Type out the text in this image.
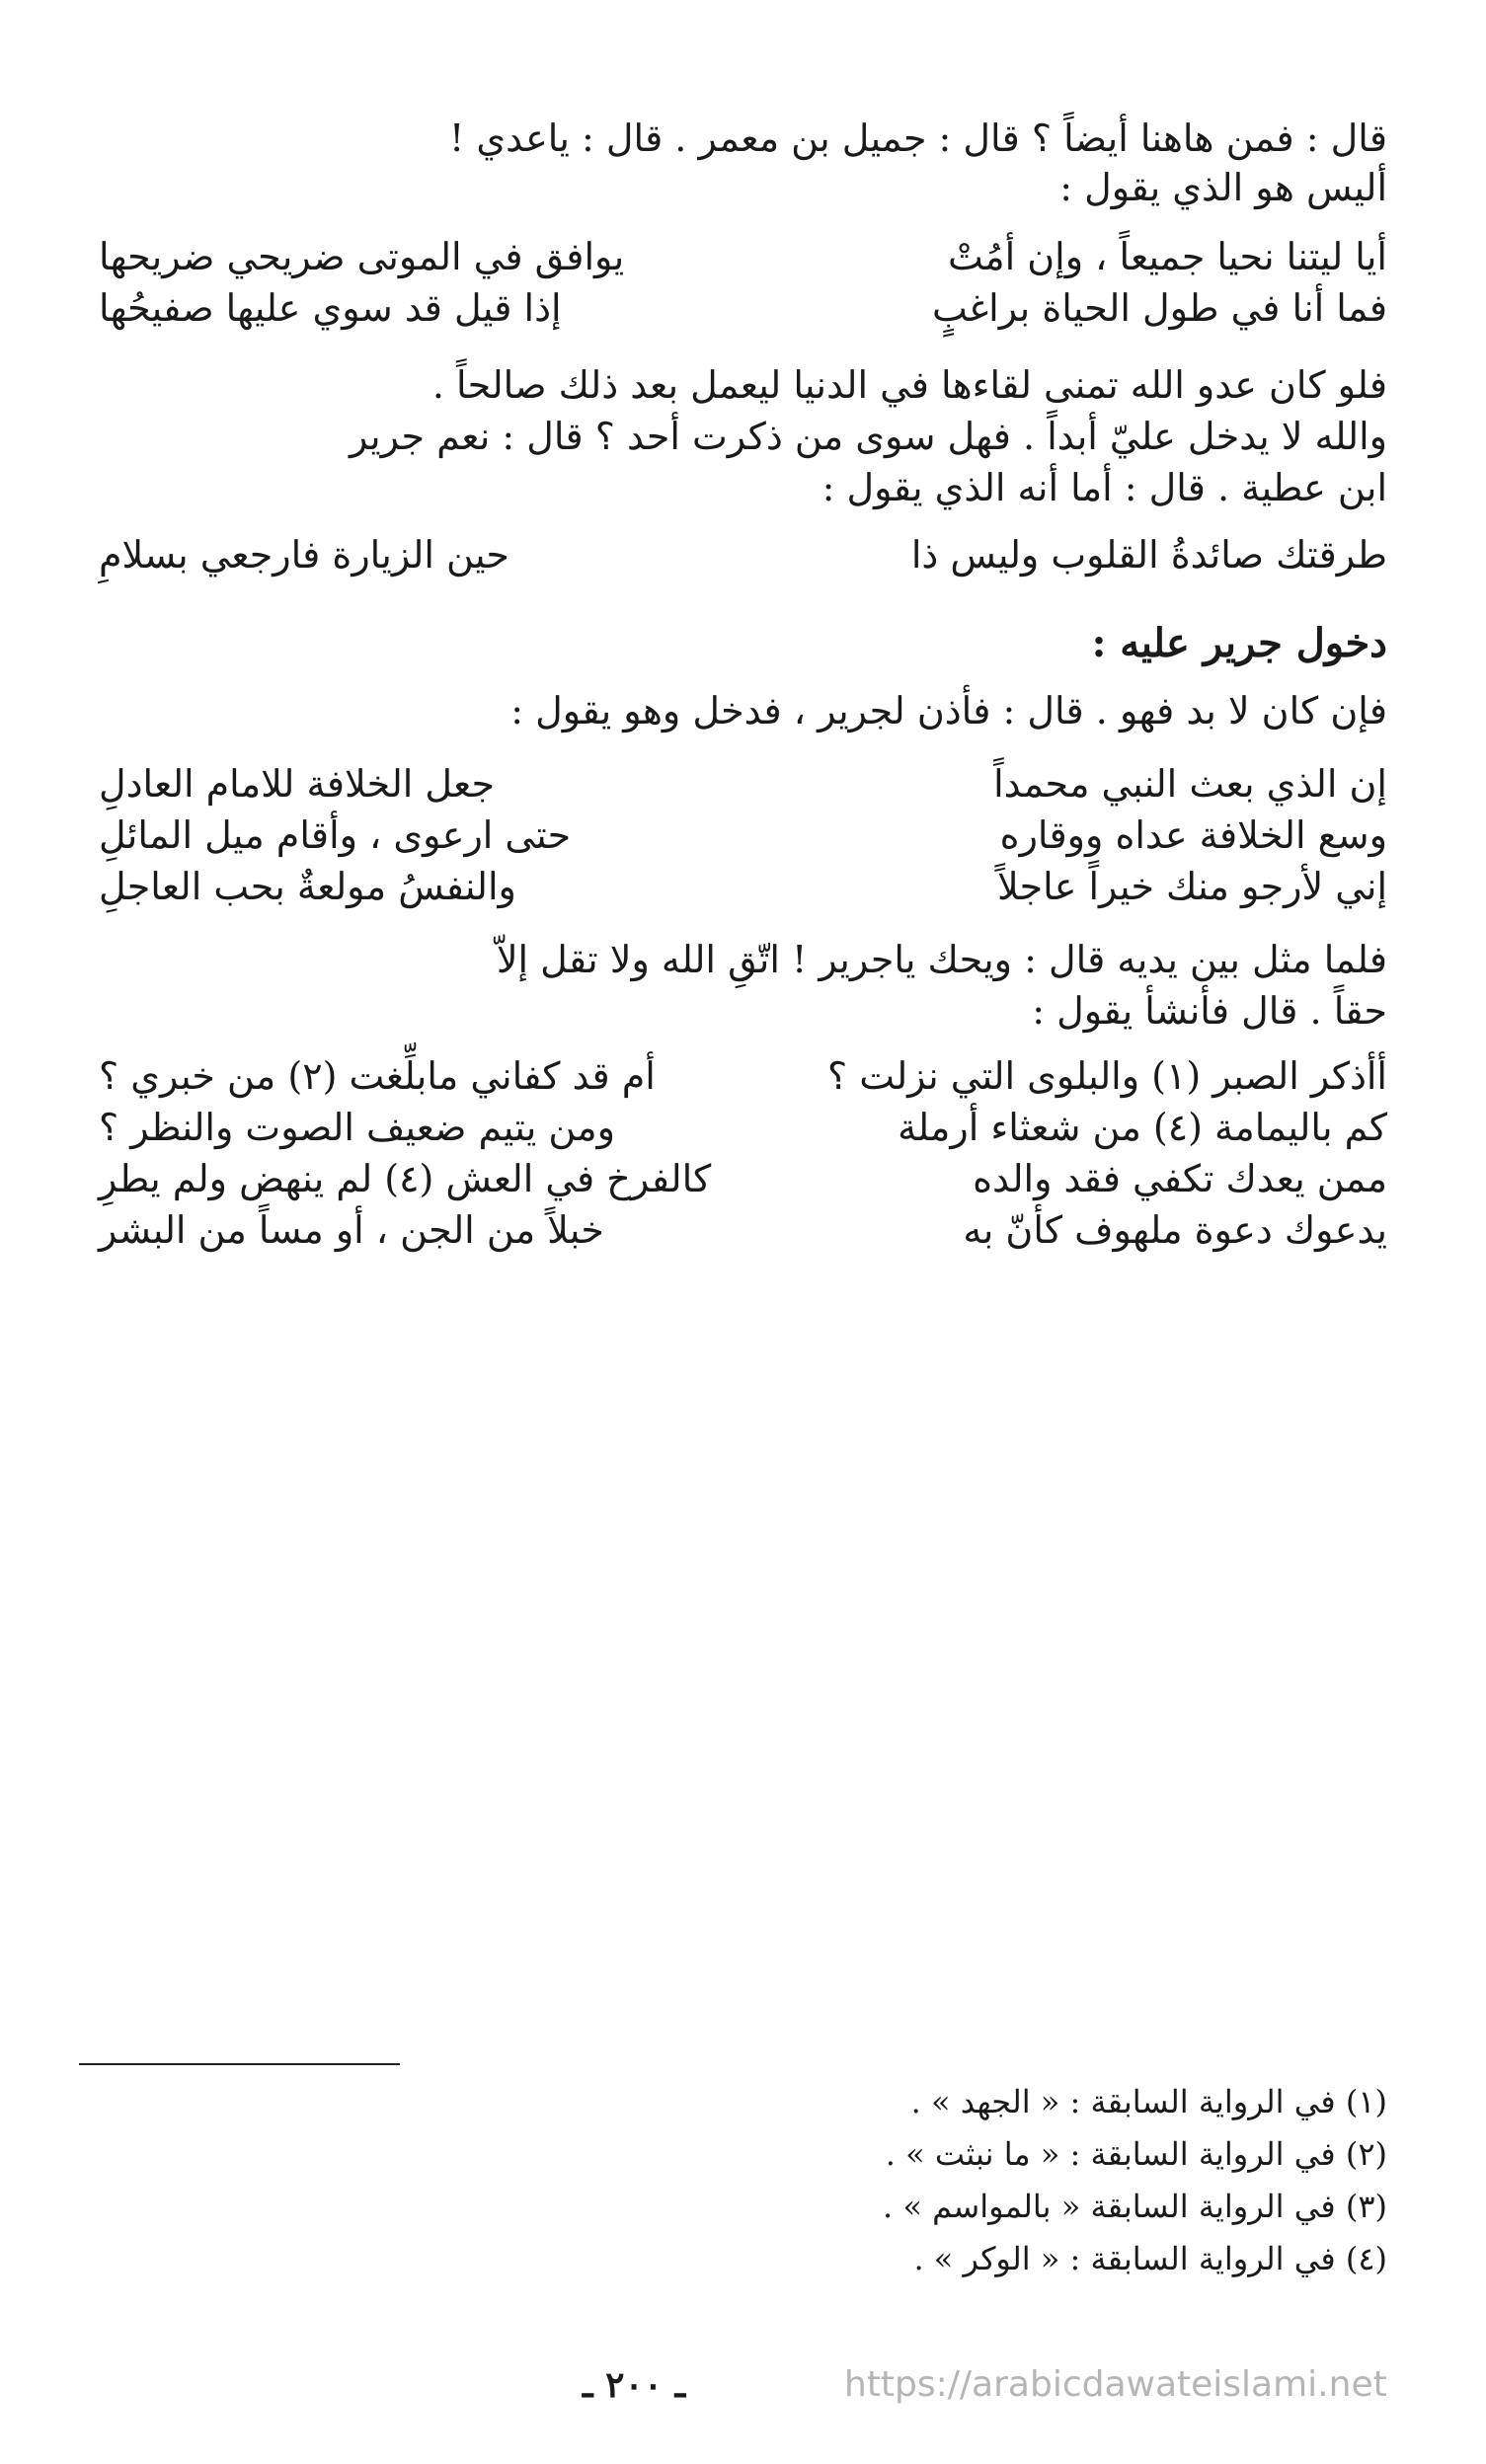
قال : فمن هاهنا أيضاً ؟ قال : جميل بن معمر . قال : ياعدي !
أليس هو الذي يقول :
أيا ليتنا نحيا جميعاً ، وإن أمُتْ
يوافق في الموتى ضريحي ضريحها
فما أنا في طول الحياة براغبٍ
إذا قيل قد سوي عليها صفيحُها
فلو كان عدو الله تمنى لقاءها في الدنيا ليعمل بعد ذلك صالحاً .
والله لا يدخل عليّ أبداً . فهل سوى من ذكرت أحد ؟ قال : نعم جرير
ابن عطية . قال : أما أنه الذي يقول :
طرقتك صائدةُ القلوب وليس ذا
حين الزيارة فارجعي بسلامِ
دخول جرير عليه :
فإن كان لا بد فهو . قال : فأذن لجرير ، فدخل وهو يقول :
إن الذي بعث النبي محمداً
جعل الخلافة للامام العادلِ
وسع الخلافة عداه ووقاره
حتى ارعوى ، وأقام ميل المائلِ
إني لأرجو منك خيراً عاجلاً
والنفسُ مولعةٌ بحب العاجلِ
فلما مثل بين يديه قال : ويحك ياجرير ! اتّقِ الله ولا تقل إلاّ
حقاً . قال فأنشأ يقول :
أأذكر الصبر (١) والبلوى التي نزلت ؟
أم قد كفاني مابلِّغت (٢) من خبري ؟
كم باليمامة (٤) من شعثاء أرملة
ومن يتيم ضعيف الصوت والنظر ؟
ممن يعدك تكفي فقد والده
كالفرخ في العش (٤) لم ينهض ولم يطرِ
يدعوك دعوة ملهوف كأنّ به
خبلاً من الجن ، أو مساً من البشر
(١) في الرواية السابقة : « الجهد » .
(٢) في الرواية السابقة : « ما نبثت » .
(٣) في الرواية السابقة « بالمواسم » .
(٤) في الرواية السابقة : « الوكر » .
ـ ٢٠٠ ـ	https://arabicdawateislami.net
